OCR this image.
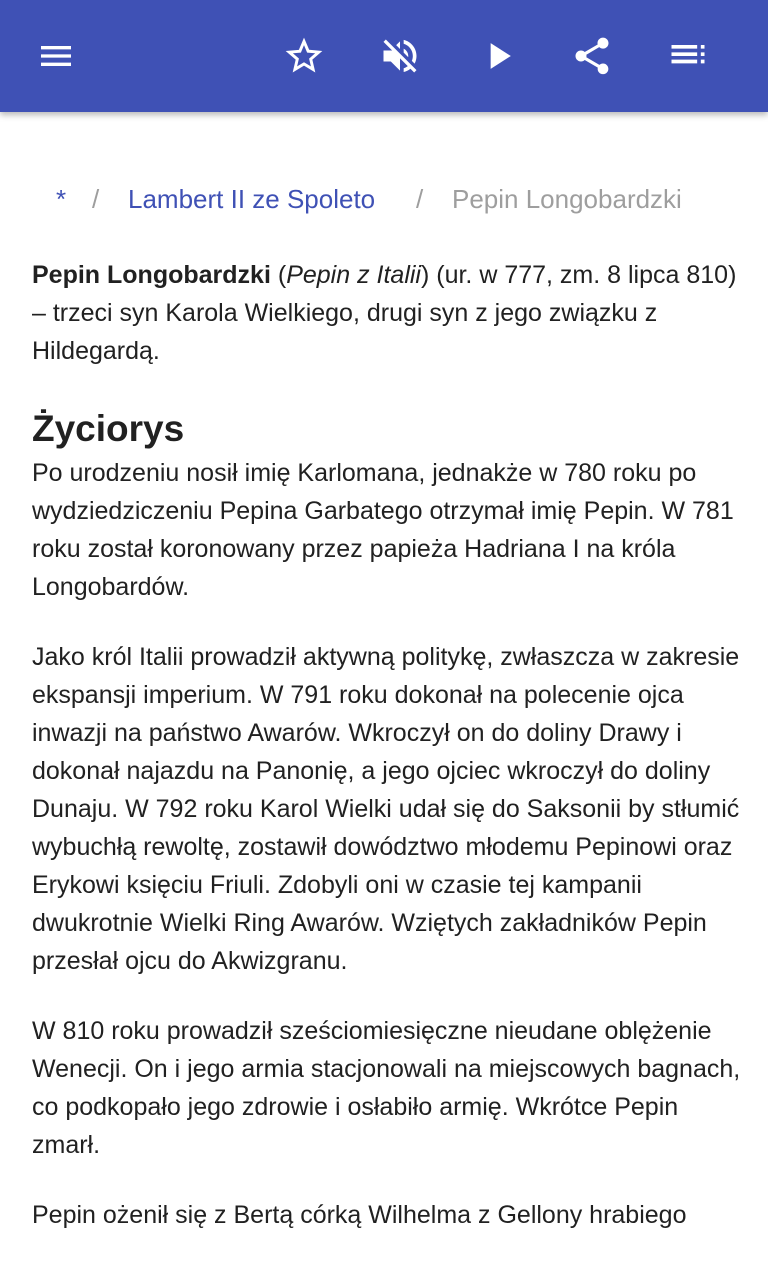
* / Lambert II ze Spoleto / Pepin Longobardzki

Pepin Longobardzki (Pepin z Italii) (ur. w 777, zm. 8 lipca 810) – trzeci syn Karola Wielkiego, drugi syn z jego związku z Hildegardą.

Życiorys

Po urodzeniu nosił imię Karlomana, jednakże w 780 roku po wydziedziczeniu Pepina Garbatego otrzymał imię Pepin. W 781 roku został koronowany przez papieża Hadriana I na króla Longobardów.

Jako król Italii prowadził aktywną politykę, zwłaszcza w zakresie ekspansji imperium. W 791 roku dokonał na polecenie ojca inwazji na państwo Awarów. Wkroczył on do doliny Drawy i dokonał najazdu na Panonię, a jego ojciec wkroczył do doliny Dunaju. W 792 roku Karol Wielki udał się do Saksonii by stłumić wybuchłą rewoltę, zostawił dowództwo młodemu Pepinowi oraz Erykowi księciu Friuli. Zdobyli oni w czasie tej kampanii dwukrotnie Wielki Ring Awarów. Wziętych zakładników Pepin przesłał ojcu do Akwizgranu.

W 810 roku prowadził sześciomiesięczne nieudane oblężenie Wenecji. On i jego armia stacjonowali na miejscowych bagnach, co podkopało jego zdrowie i osłabiło armię. Wkrótce Pepin zmarł.

Pepin ożenił się z Bertą córką Wilhelma z Gellony hrabiego
